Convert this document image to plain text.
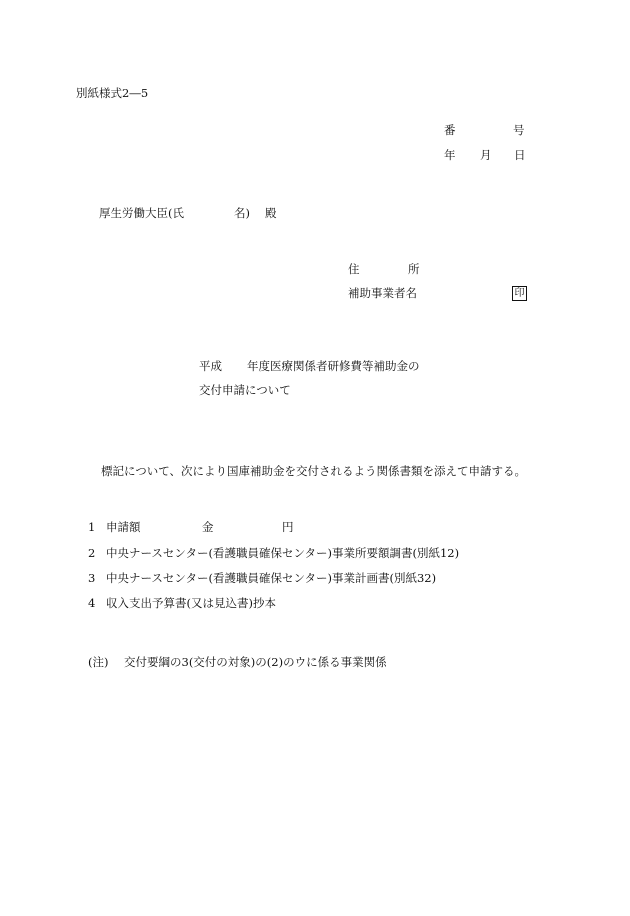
別紙様式2―5
番	号
年 月 日
厚生労働大臣(氏	名) 殿
住	所
補助事業者名	印
平成 年度医療関係者研修費等補助金の
交付申請について
標記について、次により国庫補助金を交付されるよう関係書類を添えて申請する。
1 申請額	金	円
2 中央ナースセンター(看護職員確保センター)事業所要額調書(別紙12)
3 中央ナースセンター(看護職員確保センター)事業計画書(別紙32)
4 収入支出予算書(又は見込書)抄本
(注) 交付要綱の3(交付の対象)の(2)のウに係る事業関係
